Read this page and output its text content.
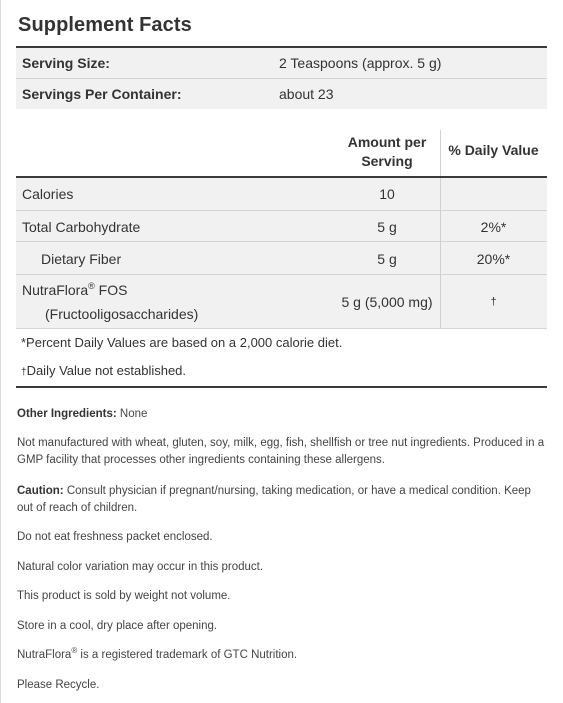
Supplement Facts
Serving Size:	2 Teaspoons (approx. 5 g)
Servings Per Container:	about 23
Amount per
Serving
% Daily Value
Calories	10
Total Carbohydrate	5 g	2%*
Dietary Fiber	5 g	20%*
NutraFlora® FOS
(Fructooligosaccharides)
5 g (5,000 mg)	†
*Percent Daily Values are based on a 2,000 calorie diet.
†Daily Value not established.
Other Ingredients: None
Not manufactured with wheat, gluten, soy, milk, egg, fish, shellfish or tree nut ingredients. Produced in a GMP facility that processes other ingredients containing these allergens.
Caution: Consult physician if pregnant/nursing, taking medication, or have a medical condition. Keep out of reach of children.
Do not eat freshness packet enclosed.
Natural color variation may occur in this product.
This product is sold by weight not volume.
Store in a cool, dry place after opening.
NutraFlora® is a registered trademark of GTC Nutrition.
Please Recycle.
